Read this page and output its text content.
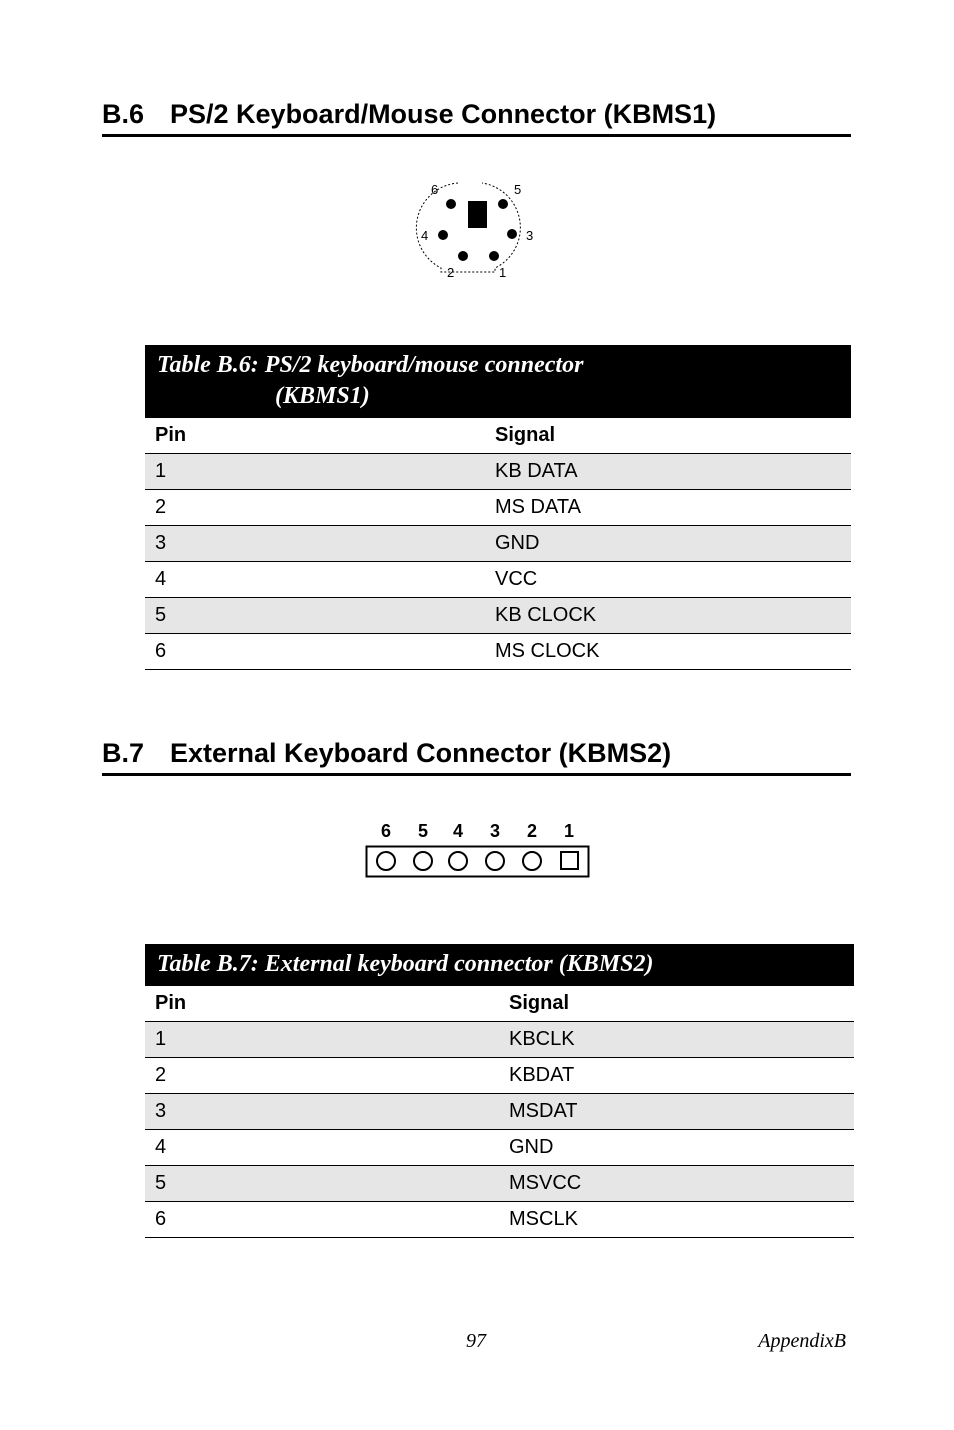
B.6 PS/2 Keyboard/Mouse Connector (KBMS1)
6	5
4	3
2	1
Table B.6: PS/2 keyboard/mouse connector
(KBMS1)
Pin	Signal
1	KB DATA
2	MS DATA
3	GND
4	VCC
5	KB CLOCK
6	MS CLOCK
B.7 External Keyboard Connector (KBMS2)
6 5 4 3 2 1
Table B.7: External keyboard connector (KBMS2)
Pin	Signal
1	KBCLK
2	KBDAT
3	MSDAT
4	GND
5	MSVCC
6	MSCLK
97	AppendixB
